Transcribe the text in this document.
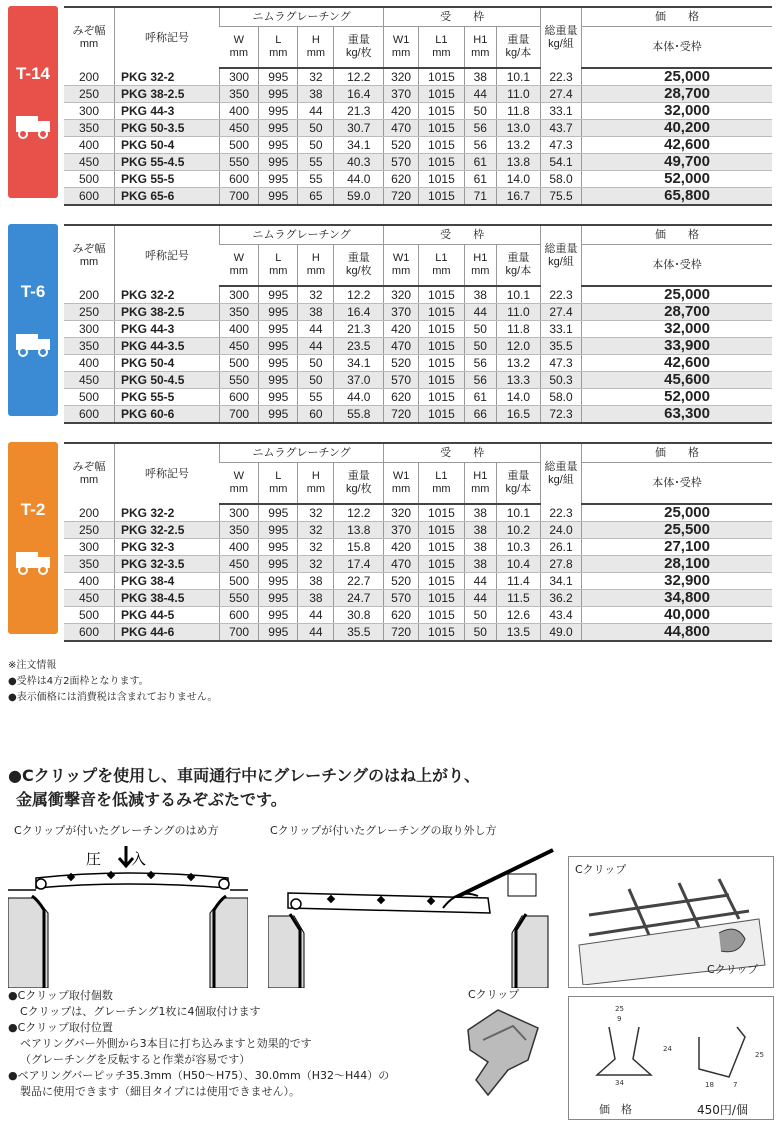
T-14
みぞ幅
mm	呼称記号	ニムラグレーチング				受　　枠				総重量
kg/組	価　　格
		W
mm	L
mm	H
mm	重量
kg/枚	W1
mm	L1
mm	H1
mm	重量
kg/本		本体･受枠
200	PKG 32-2	300	995	32	12.2	320	1015	38	10.1	22.3	25,000
250	PKG 38-2.5	350	995	38	16.4	370	1015	44	11.0	27.4	28,700
300	PKG 44-3	400	995	44	21.3	420	1015	50	11.8	33.1	32,000
350	PKG 50-3.5	450	995	50	30.7	470	1015	56	13.0	43.7	40,200
400	PKG 50-4	500	995	50	34.1	520	1015	56	13.2	47.3	42,600
450	PKG 55-4.5	550	995	55	40.3	570	1015	61	13.8	54.1	49,700
500	PKG 55-5	600	995	55	44.0	620	1015	61	14.0	58.0	52,000
600	PKG 65-6	700	995	65	59.0	720	1015	71	16.7	75.5	65,800
T-6
みぞ幅
mm	呼称記号	ニムラグレーチング				受　　枠				総重量
kg/組	価　　格
		W
mm	L
mm	H
mm	重量
kg/枚	W1
mm	L1
mm	H1
mm	重量
kg/本		本体･受枠
200	PKG 32-2	300	995	32	12.2	320	1015	38	10.1	22.3	25,000
250	PKG 38-2.5	350	995	38	16.4	370	1015	44	11.0	27.4	28,700
300	PKG 44-3	400	995	44	21.3	420	1015	50	11.8	33.1	32,000
350	PKG 44-3.5	450	995	44	23.5	470	1015	50	12.0	35.5	33,900
400	PKG 50-4	500	995	50	34.1	520	1015	56	13.2	47.3	42,600
450	PKG 50-4.5	550	995	50	37.0	570	1015	56	13.3	50.3	45,600
500	PKG 55-5	600	995	55	44.0	620	1015	61	14.0	58.0	52,000
600	PKG 60-6	700	995	60	55.8	720	1015	66	16.5	72.3	63,300
T-2
みぞ幅
mm	呼称記号	ニムラグレーチング				受　　枠				総重量
kg/組	価　　格
		W
mm	L
mm	H
mm	重量
kg/枚	W1
mm	L1
mm	H1
mm	重量
kg/本		本体･受枠
200	PKG 32-2	300	995	32	12.2	320	1015	38	10.1	22.3	25,000
250	PKG 32-2.5	350	995	32	13.8	370	1015	38	10.2	24.0	25,500
300	PKG 32-3	400	995	32	15.8	420	1015	38	10.3	26.1	27,100
350	PKG 32-3.5	450	995	32	17.4	470	1015	38	10.4	27.8	28,100
400	PKG 38-4	500	995	38	22.7	520	1015	44	11.4	34.1	32,900
450	PKG 38-4.5	550	995	38	24.7	570	1015	44	11.5	36.2	34,800
500	PKG 44-5	600	995	44	30.8	620	1015	50	12.6	43.4	40,000
600	PKG 44-6	700	995	44	35.5	720	1015	50	13.5	49.0	44,800
※注文情報
●受枠は4方2面枠となります。
●表示価格には消費税は含まれておりません。
●Cクリップを使用し、車両通行中にグレーチングのはね上がり、
金属衝撃音を低減するみぞぶたです。
Cクリップが付いたグレーチングのはめ方
圧　　入
Cクリップが付いたグレーチングの取り外し方
Cクリップ
Cクリップ
Cクリップ
25
9
24
34
25
18	7
価　格	450円/個
●Cクリップ取付個数
Cクリップは、グレーチング1枚に4個取付けます
●Cクリップ取付位置
ベアリングバー外側から3本目に打ち込みますと効果的です
（グレーチングを反転すると作業が容易です）
●ベアリングバーピッチ35.3mm（H50〜H75）、30.0mm（H32〜H44）の
製品に使用できます（細目タイプには使用できません）。
